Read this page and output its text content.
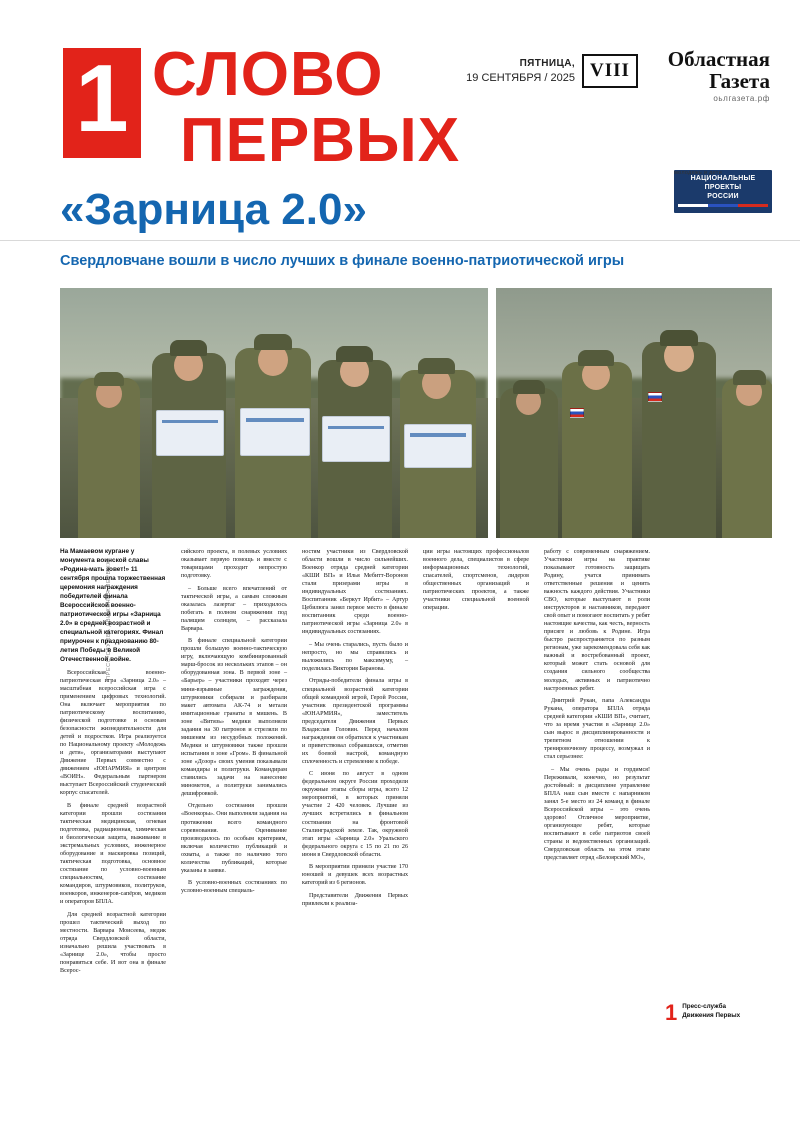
1 СЛОВО
ПЕРВЫХ
«Зарница 2.0»
ПЯТНИЦА,
19 СЕНТЯБРЯ / 2025 VIII	Областная
Газета
оьлгазета.рф
молодежь и дети
НАЦИОНАЛЬНЫЕ
ПРОЕКТЫ
РОССИИ
Свердловчане вошли в число лучших в финале военно-патриотической игры
ПРЕСС-СЛУЖБА ДВИЖЕНИЯ ПЕРВЫХ

На Мамаевом кургане у монумента воинской славы «Родина-мать зовет!» 11 сентября прошла торжественная церемония награждения победителей финала Всероссийской военно-патриотической игры «Зарница 2.0» в средней возрастной и специальной категориях. Финал приурочен к празднованию 80-летия Победы в Великой Отечественной войне.

Всероссийская военно-патриотическая игра «Зарница 2.0» – масштабная всероссийская игра с применением цифровых технологий. Она включает мероприятия по патриотическому воспитанию, физической подготовке и основам безопасности жизнедеятельности для детей и подростков. Игра реализуется по Национальному проекту «Молодежь и дети», организаторами выступают Движение Первых совместно с движением «ЮНАРМИЯ» и центром «ВОИН». Федеральным партнером выступает Всероссийский студенческий корпус спасателей.

В финале средней возрастной категории прошли состязания тактическая медицинская, огневая подготовка, радиационная, химическая и биологическая защита, выживание в экстремальных условиях, инженерное оборудование и маскировка позиций, тактическая подготовка, основное состязание по условно-военным специальностям, состязание командиров, штурмовиков, политруков, военкоров, инженеров-сапёров, медиков и операторов БПЛА.

Для средней возрастной категории прошел тактический выход по местности. Варвара Моисеева, медик отряда Свердловской области, изначально решила участвовать в «Зарнице 2.0», чтобы просто понравиться себе. И вот она в финале Всерос-

сийского проекта, в полевых условиях оказывает первую помощь и вместе с товарищами проходит непростую подготовку.

– Больше всего впечатлений от тактической игры, а самым сложным оказалась лазертаг – приходилось побегать в полном снаряжении под палящим солнцем, – рассказала Варвара.

В финале специальной категории прошли большую военно-тактическую игру, включающую комбинированный марш-бросок из нескольких этапов – он оборудованная зона. В первой зоне – «Барьер» – участники проходят через мини-взрывные заграждения, штурмовики собирали и разбирали макет автомата АК-74 и метали имитационные гранаты в мишень. В зоне «Витязь» медики выполняли задания на 30 патронов и стреляли по мишеням из несудобных положений. Медики и штурмовики также прошли испытания в зоне «Гром». В финальной зоне «Дозор» своих умения показывали командиры и политруки. Командирам ставились задачи на нанесение минометов, а политруки занимались дешифровкой.

Отдельно состязания прошли «Военкоры». Они выполняли задания на протяжении всего командного соревнования. Оценивание производилось по особым критериям, включая количество публикаций и охваты, а также по наличию того количества публикаций, которые указаны в заявке.

В условно-военных состязаниях по условно-военным специаль-

ностям участники из Свердловской области вошли в число сильнейших. Военкор отряда средней категории «КШИ ВП» и Илья Мебитт-Воронов стали призерами игры в индивидуальных состязаниях. Воспитанник «Беркут Ирбит» – Артур Цебилюга занял первое место в финале воспитанник среди военно-патриотической игры «Зарница 2.0» в индивидуальных состязаниях.

– Мы очень старались, пусть было и непросто, но мы справились и выложились по максимуму, – поделилась Виктория Баранова.

Отряды-победители финала игры в специальной возрастной категории общей командной игрой, Герой России, участник президентской программы «ЮНАРМИЯ», заместитель председателя Движения Первых Владислав Головин. Перед началом награждения он обратился к участникам и приветствовал собравшихся, отметив их боевой настрой, командную сплоченность и стремление к победе.

С июня по август в одном федеральном округе России проходили окружные этапы сборы игры, всего 12 мероприятий, в которых приняли участие 2 420 человек. Лучшие из лучших встретились в финальном состязании на фронтовой Сталинградской земле. Так, окружной этап игры «Зарница 2.0» Уральского федерального округа с 15 по 21 по 26 июня в Свердловской области.

В мероприятии приняли участие 170 юношей и девушек всех возрастных категорий из 6 регионов.

Представители Движения Первых привлекли к реализа-

ции игры настоящих профессионалов военного дела, специалистов в сфере информационных технологий, спасателей, спортсменов, лидеров общественных организаций и патриотических проектов, а также участники специальной военной операции.

работу с современным снаряжением. Участники игры на практике показывают готовность защищать Родину, учатся принимать ответственные решения и ценить важность каждого действия. Участники СВО, которые выступают в роли инструкторов и наставников, передают свой опыт и помогают воспитать у ребят настоящие качества, как честь, верность присяге и любовь к Родине. Игра быстро распространяется по разным регионам, уже зарекомендовала себя как важный и востребованный проект, который может стать основой для создания сильного сообщества молодых, активных и патриотично настроенных ребят.

Дмитрий Рукан, папа Александра Рукана, оператора БПЛА отряда средней категории «КШИ ВП», считает, что за время участия в «Зарнице 2.0» сын вырос в дисциплинированности и трепетном отношении к тренировочному процессу, возмужал и стал серьезнее:

– Мы очень рады и гордимся! Переживали, конечно, но результат достойный: в дисциплине управление БПЛА наш сын вместе с напарником занял 5-е место из 24 команд в финале Всероссийской игры – это очень здорово! Отличное мероприятие, организующее ребят, которые воспитывают в себе патриотов своей страны и ведомственных организаций. Свердловская область на этом этапе представляет отряд «Белоярский МО»,

1 Пресс-служба
Движения Первых
